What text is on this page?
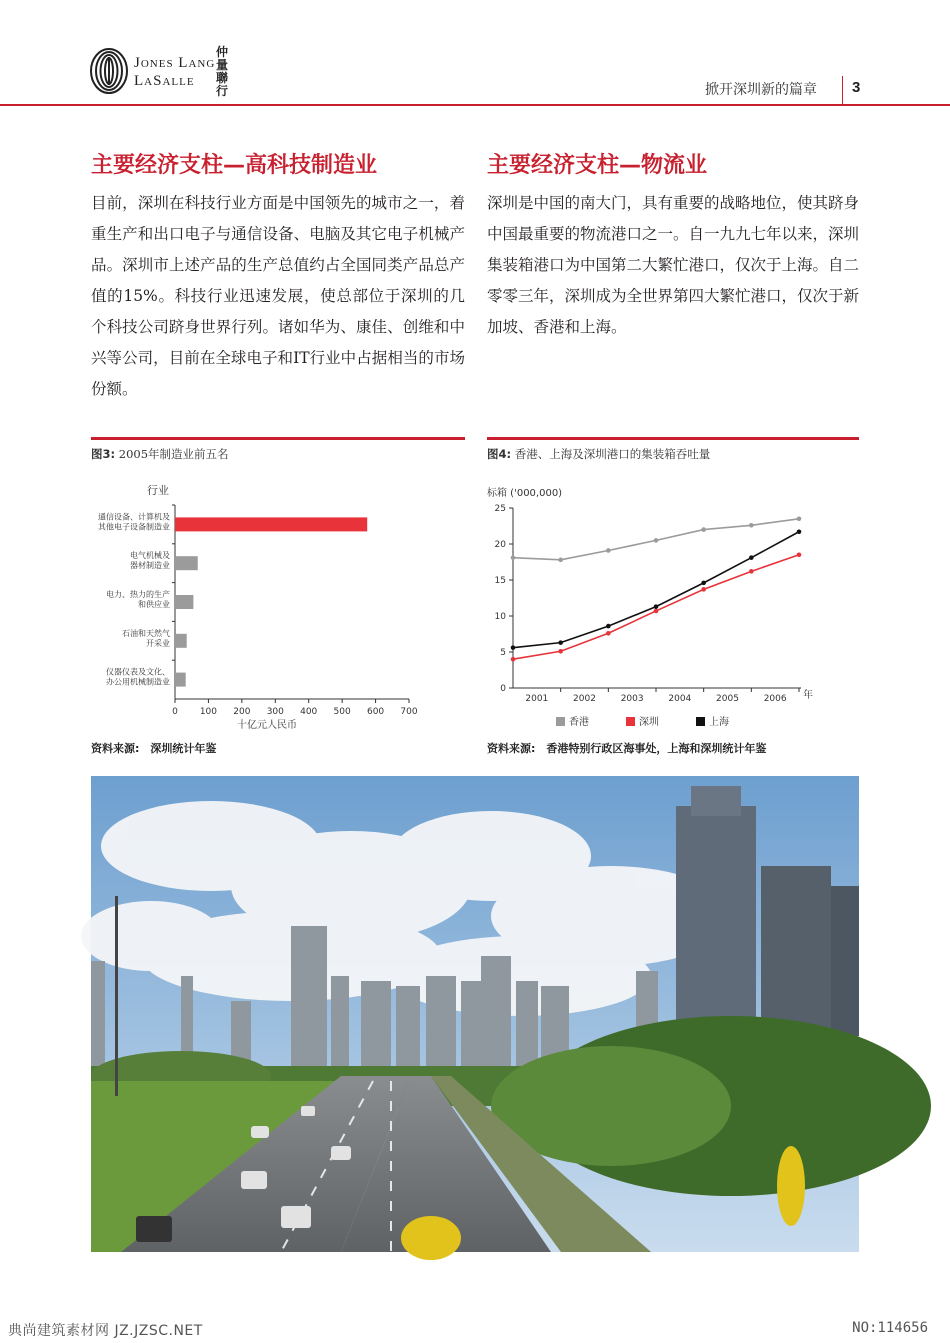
Jones Lang
LaSalle
仲量聯行	掀开深圳新的篇章 3
主要经济支柱—高科技制造业
目前，深圳在科技行业方面是中国领先的城市之一，着重生产和出口电子与通信设备、电脑及其它电子机械产品。深圳市上述产品的生产总值约占全国同类产品总产值的15%。科技行业迅速发展，使总部位于深圳的几个科技公司跻身世界行列。诸如华为、康佳、创维和中兴等公司，目前在全球电子和IT行业中占据相当的市场份额。
主要经济支柱—物流业
深圳是中国的南大门，具有重要的战略地位，使其跻身中国最重要的物流港口之一。自一九九七年以来，深圳集装箱港口为中国第二大繁忙港口，仅次于上海。自二零零三年，深圳成为全世界第四大繁忙港口，仅次于新加坡、香港和上海。
图3: 2005年制造业前五名
行业
通信设备、计算机及
其他电子设备制造业
电气机械及
器材制造业
电力、热力的生产
和供应业
石油和天然气
开采业
仪器仪表及文化、
办公用机械制造业
0 100 200 300 400 500 600 700
十亿元人民币
资料来源:　深圳统计年鉴
图4: 香港、上海及深圳港口的集装箱吞吐量
标箱 ('000,000)
0
5
10
15
20
25
2001	2002	2003	2004	2005	2006 年
香港	深圳	上海
资料来源:　香港特别行政区海事处，上海和深圳统计年鉴
典尚建筑素材网 JZ.JZSC.NET	NO:114656
